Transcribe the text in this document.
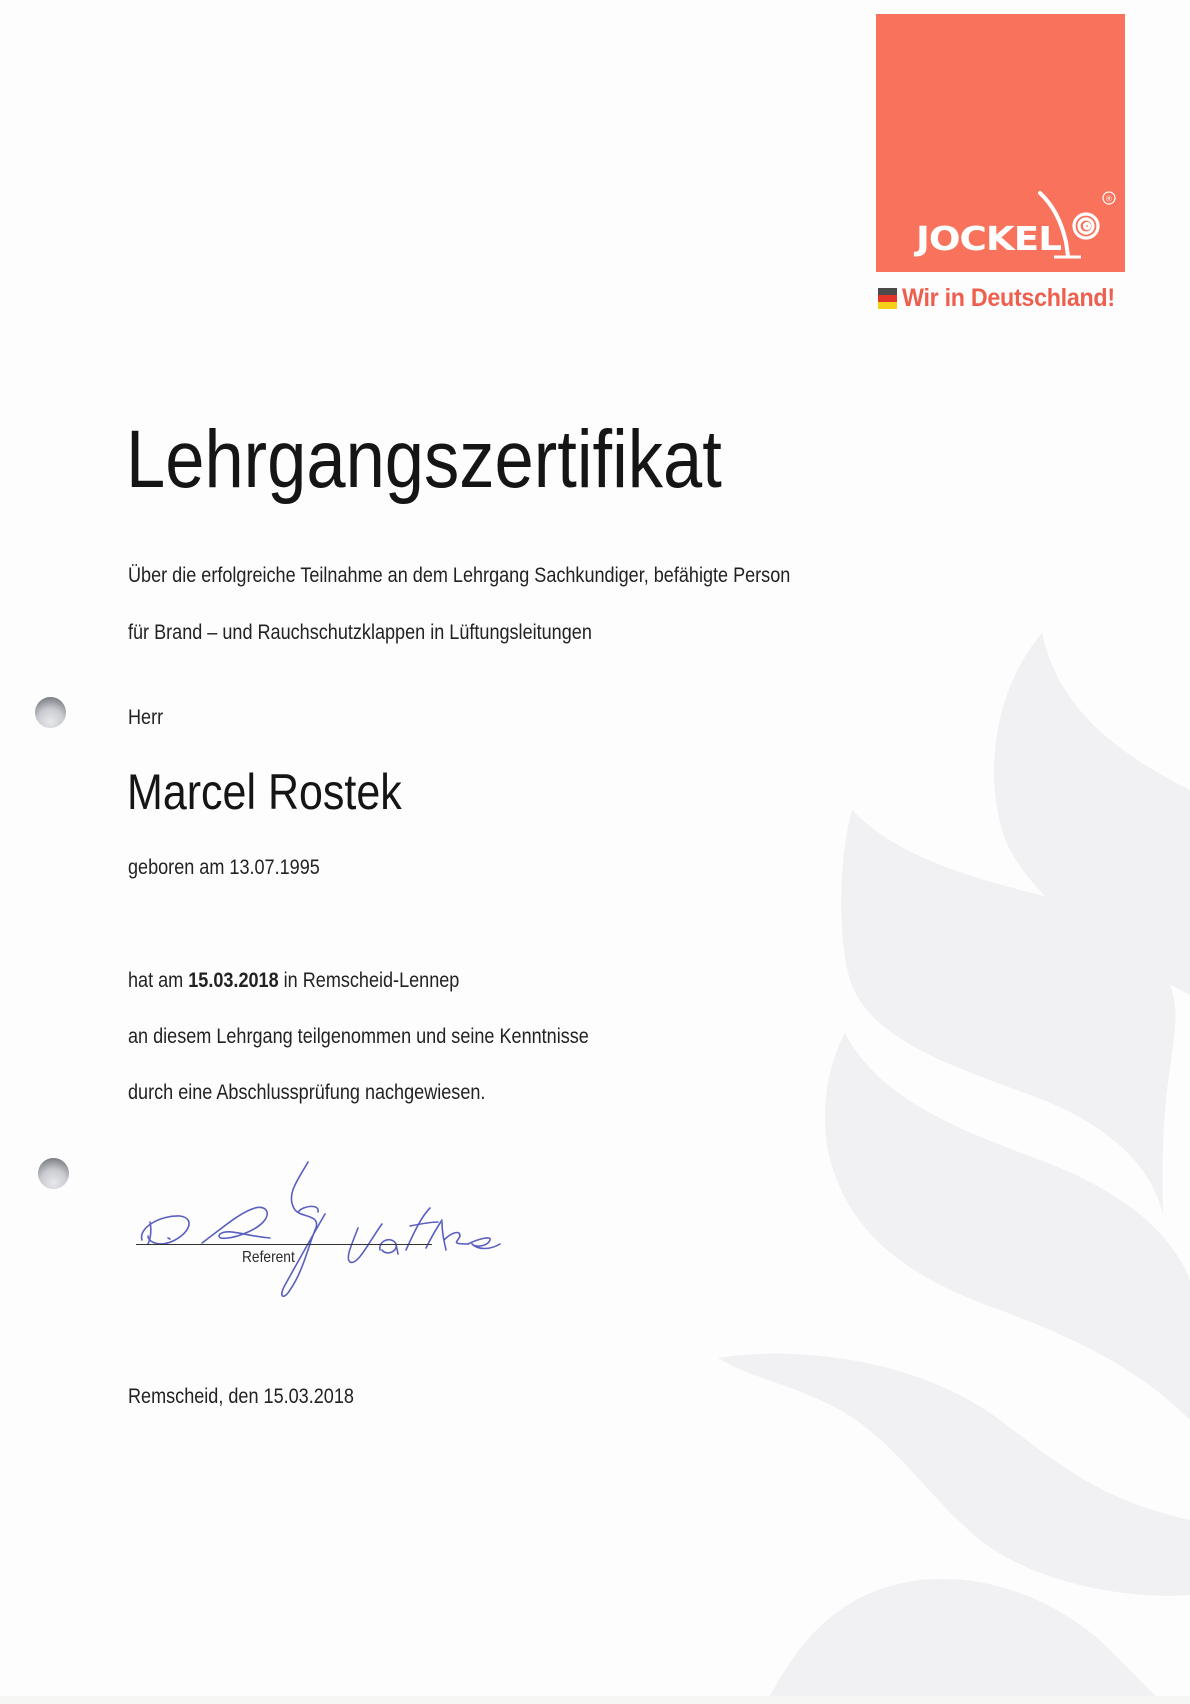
®
JOCKEL
Wir in Deutschland!
Lehrgangszertifikat
Über die erfolgreiche Teilnahme an dem Lehrgang Sachkundiger, befähigte Person
für Brand – und Rauchschutzklappen in Lüftungsleitungen
Herr
Marcel Rostek
geboren am 13.07.1995
hat am 15.03.2018 in Remscheid-Lennep
an diesem Lehrgang teilgenommen und seine Kenntnisse
durch eine Abschlussprüfung nachgewiesen.
Referent
Remscheid, den 15.03.2018
